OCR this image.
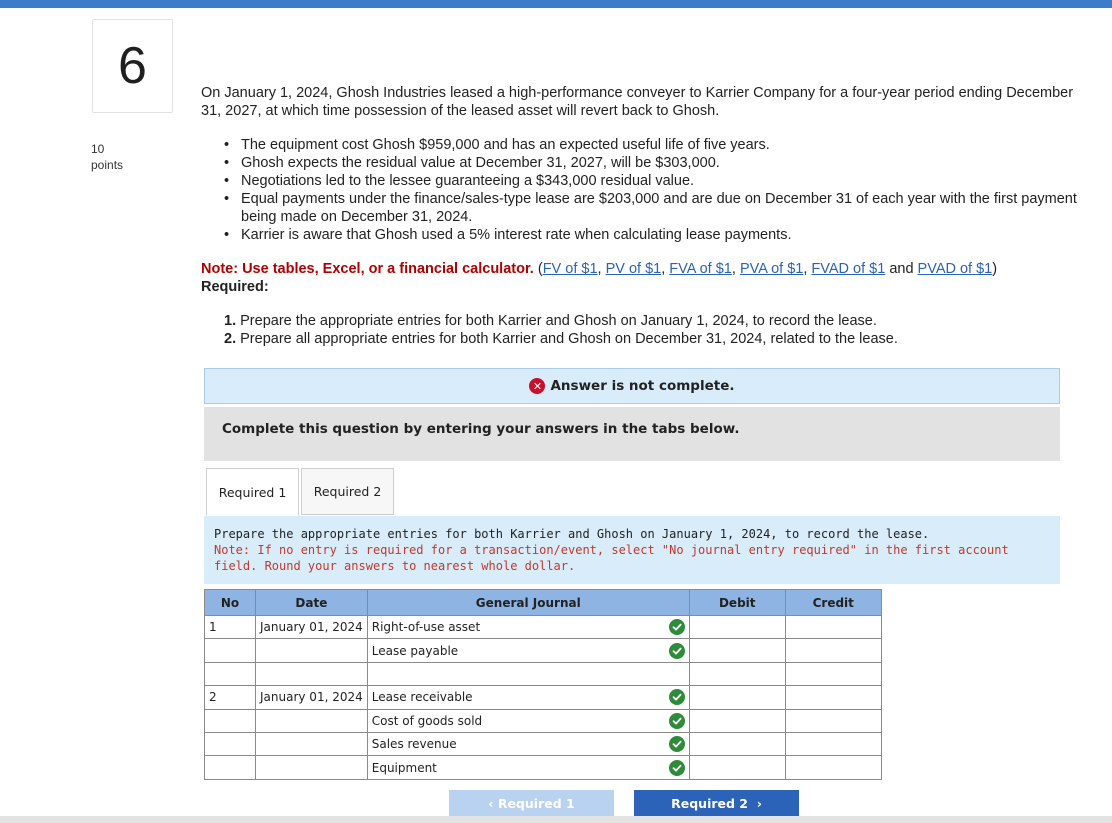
6
10
points
On January 1, 2024, Ghosh Industries leased a high-performance conveyer to Karrier Company for a four-year period ending December 31, 2027, at which time possession of the leased asset will revert back to Ghosh.
• The equipment cost Ghosh $959,000 and has an expected useful life of five years.
• Ghosh expects the residual value at December 31, 2027, will be $303,000.
• Negotiations led to the lessee guaranteeing a $343,000 residual value.
• Equal payments under the finance/sales-type lease are $203,000 and are due on December 31 of each year with the first payment being made on December 31, 2024.
• Karrier is aware that Ghosh used a 5% interest rate when calculating lease payments.
Note: Use tables, Excel, or a financial calculator. (FV of $1, PV of $1, FVA of $1, PVA of $1, FVAD of $1 and PVAD of $1)
Required:
1. Prepare the appropriate entries for both Karrier and Ghosh on January 1, 2024, to record the lease.
2. Prepare all appropriate entries for both Karrier and Ghosh on December 31, 2024, related to the lease.
✕ Answer is not complete.
Complete this question by entering your answers in the tabs below.
Required 1 Required 2
Prepare the appropriate entries for both Karrier and Ghosh on January 1, 2024, to record the lease.
Note: If no entry is required for a transaction/event, select "No journal entry required" in the first account field. Round your answers to nearest whole dollar.
No	Date	General Journal	Debit	Credit
1	January 01, 2024	Right-of-use asset		

		Lease payable		

2	January 01, 2024	Lease receivable		

		Cost of goods sold		

		Sales revenue		

		Equipment		

‹ Required 1	Required 2 ›
